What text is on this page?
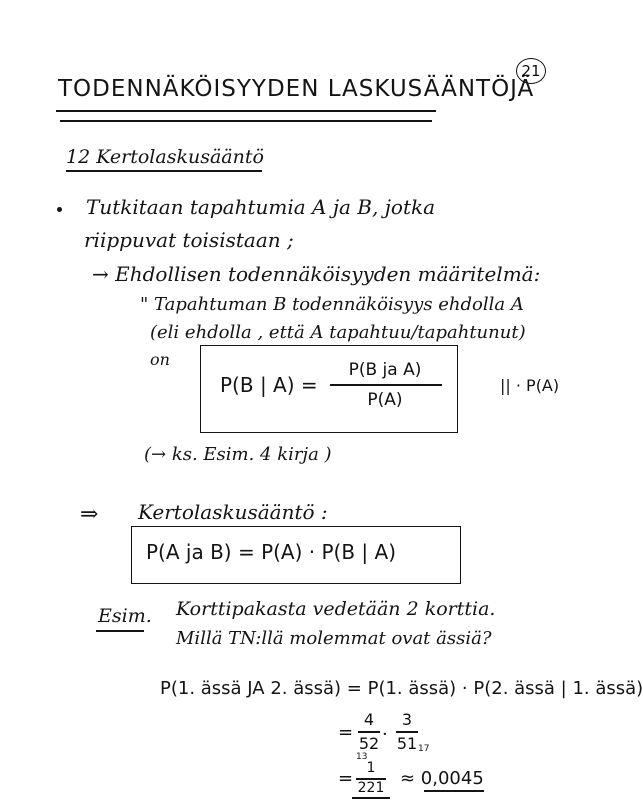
TODENNÄKÖISYYDEN LASKUSÄÄNTÖJÄ
21
12 Kertolaskusääntö
Tutkitaan tapahtumia A ja B, jotka
riippuvat toisistaan ;
→ Ehdollisen todennäköisyyden määritelmä:
" Tapahtuman B todennäköisyys ehdolla A
(eli ehdolla , että A tapahtuu/tapahtunut)
on
P(B | A) =
P(B ja A)
P(A)
|| · P(A)
(→ ks. Esim. 4 kirja )
⇒ Kertolaskusääntö :
P(A ja B) = P(A) · P(B | A)
Esim. Korttipakasta vedetään 2 korttia.
Millä TN:llä molemmat ovat ässiä?
P(1. ässä JA 2. ässä) = P(1. ässä) · P(2. ässä | 1. ässä)
=
4
52
13
·
3
51 17
= 1
221 ≈ 0,0045
